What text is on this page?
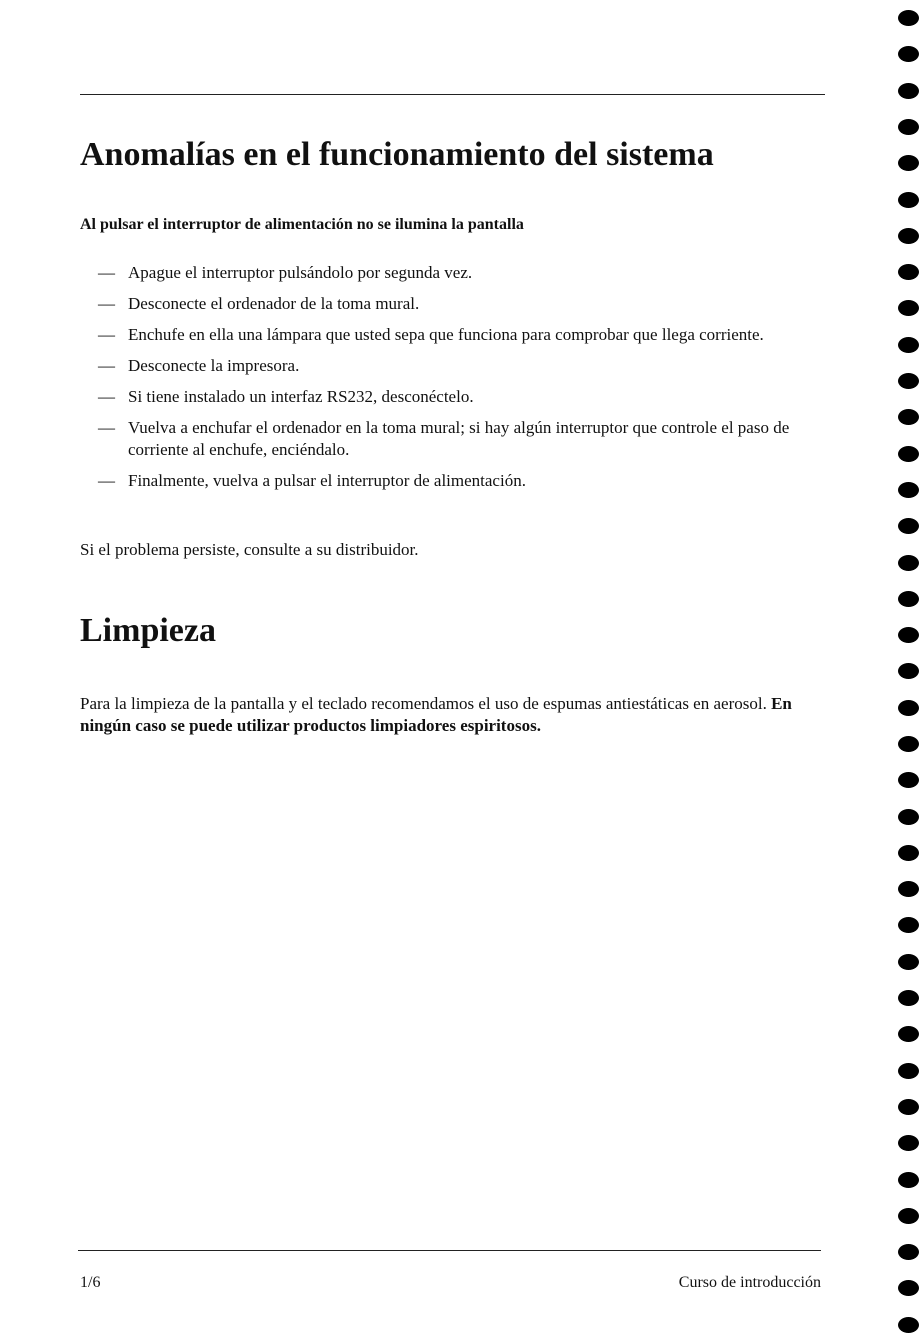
Anomalías en el funcionamiento del sistema

Al pulsar el interruptor de alimentación no se ilumina la pantalla

— Apague el interruptor pulsándolo por segunda vez.
— Desconecte el ordenador de la toma mural.
— Enchufe en ella una lámpara que usted sepa que funciona para comprobar que llega corriente.
— Desconecte la impresora.
— Si tiene instalado un interfaz RS232, desconéctelo.
— Vuelva a enchufar el ordenador en la toma mural; si hay algún interruptor que controle el paso de corriente al enchufe, enciéndalo.
— Finalmente, vuelva a pulsar el interruptor de alimentación.

Si el problema persiste, consulte a su distribuidor.

Limpieza

Para la limpieza de la pantalla y el teclado recomendamos el uso de espumas antiestáticas en aerosol. En ningún caso se puede utilizar productos limpiadores espiritosos.

1/6	Curso de introducción
